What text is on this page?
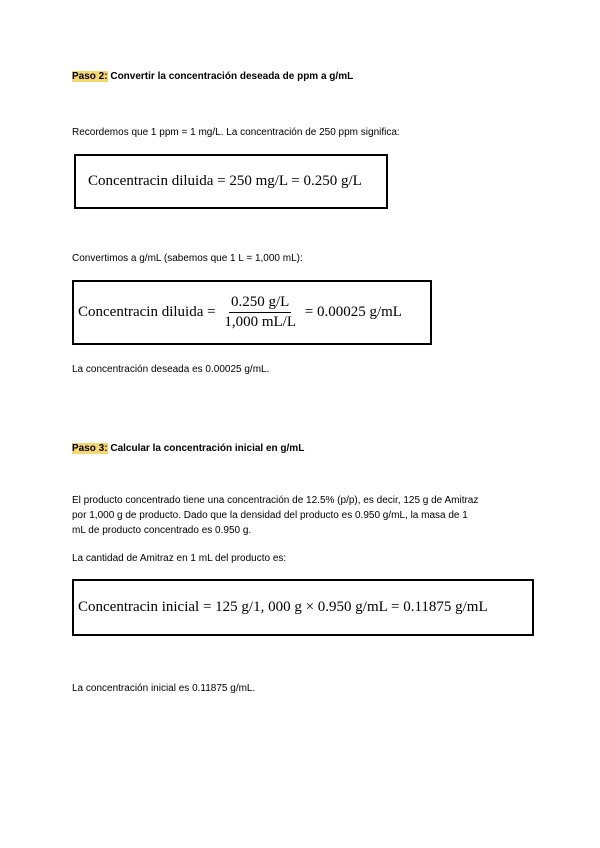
Paso 2: Convertir la concentración deseada de ppm a g/mL
Recordemos que 1 ppm = 1 mg/L. La concentración de 250 ppm significa:
Concentracin diluida = 250 mg/L = 0.250 g/L
Convertimos a g/mL (sabemos que 1 L = 1,000 mL):
Concentracin diluida = $\frac{0.250 g/L}{1,000 mL/L} = 0.00025$ g/mL
La concentración deseada es 0.00025 g/mL.
Paso 3: Calcular la concentración inicial en g/mL
El producto concentrado tiene una concentración de 12.5% (p/p), es decir, 125 g de Amitraz
por 1,000 g de producto. Dado que la densidad del producto es 0.950 g/mL, la masa de 1
mL de producto concentrado es 0.950 g.
La cantidad de Amitraz en 1 mL del producto es:
Concentracin inicial = 125 g/1, 000 g × 0.950 g/mL = 0.11875 g/mL
La concentración inicial es 0.11875 g/mL.
